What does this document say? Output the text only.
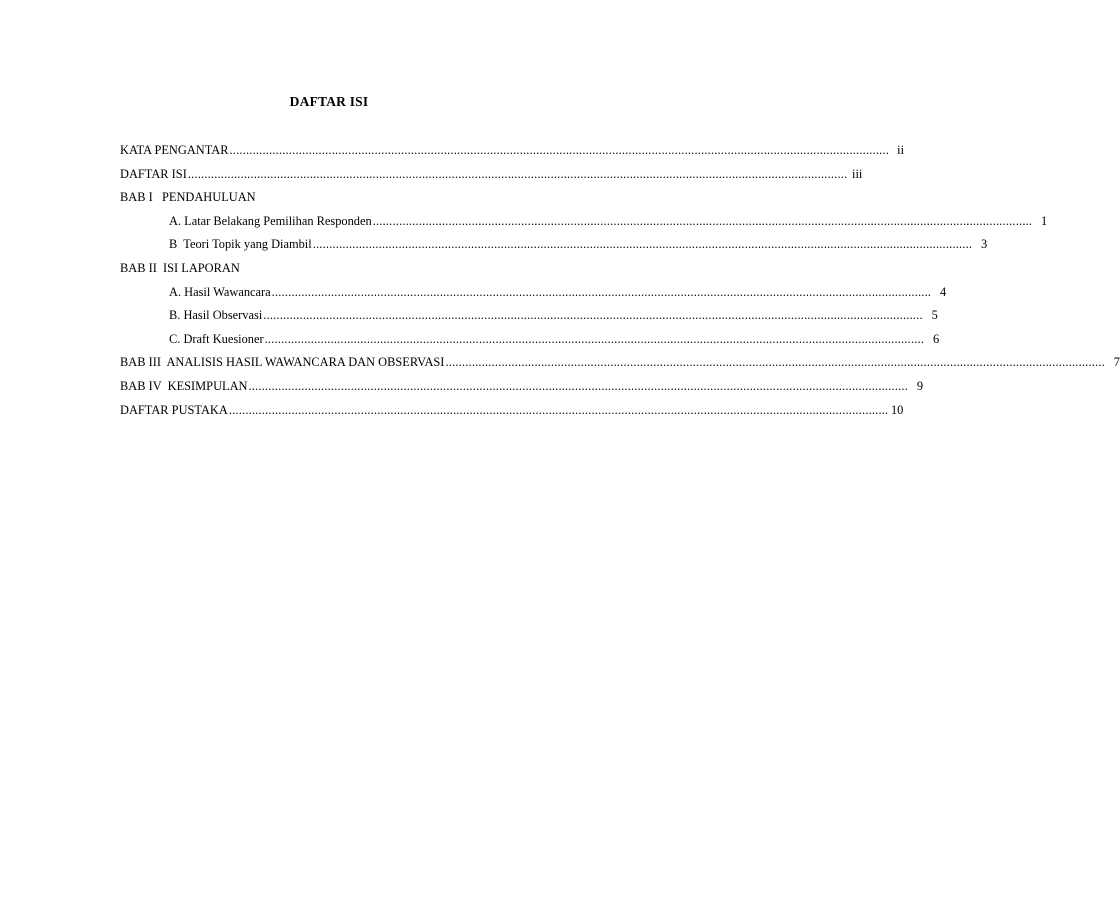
DAFTAR ISI
KATA PENGANTAR ........................................................................................................................................................................................................ ii
DAFTAR ISI ........................................................................................................................................................................................................ iii
BAB I   PENDAHULUAN
A. Latar Belakang Pemilihan Responden ........................................................................................................................................................................................................ 1
B  Teori Topik yang Diambil ........................................................................................................................................................................................................ 3
BAB II  ISI LAPORAN
A. Hasil Wawancara ........................................................................................................................................................................................................ 4
B. Hasil Observasi ........................................................................................................................................................................................................ 5
C. Draft Kuesioner ........................................................................................................................................................................................................ 6
BAB III  ANALISIS HASIL WAWANCARA DAN OBSERVASI ........................................................................................................................................................................................................ 7
BAB IV  KESIMPULAN ........................................................................................................................................................................................................ 9
DAFTAR PUSTAKA ........................................................................................................................................................................................................ 10
